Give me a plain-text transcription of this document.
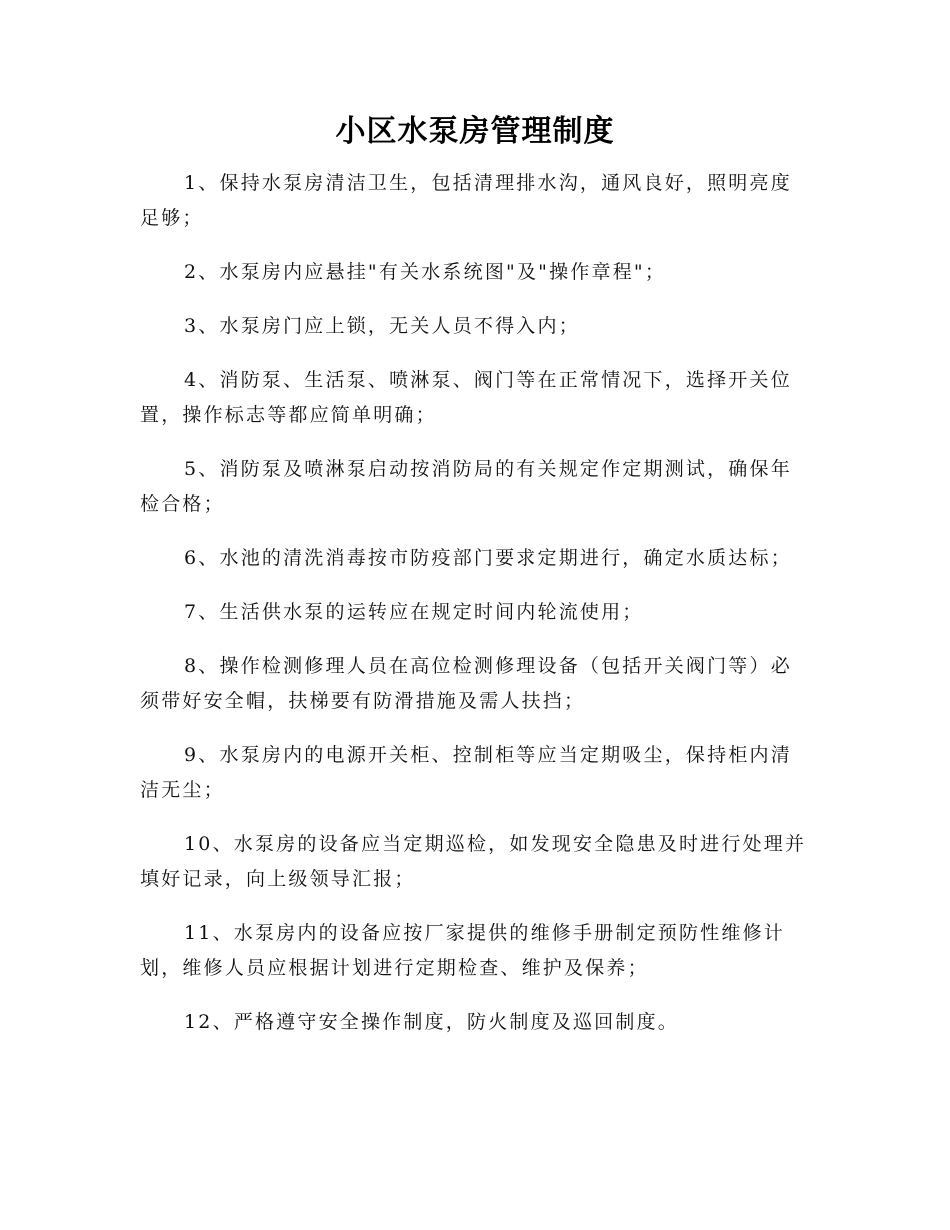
小区水泵房管理制度

1、保持水泵房清洁卫生，包括清理排水沟，通风良好，照明亮度足够；

2、水泵房内应悬挂"有关水系统图"及"操作章程"；

3、水泵房门应上锁，无关人员不得入内；

4、消防泵、生活泵、喷淋泵、阀门等在正常情况下，选择开关位置，操作标志等都应简单明确；

5、消防泵及喷淋泵启动按消防局的有关规定作定期测试，确保年检合格；

6、水池的清洗消毒按市防疫部门要求定期进行，确定水质达标；

7、生活供水泵的运转应在规定时间内轮流使用；

8、操作检测修理人员在高位检测修理设备（包括开关阀门等）必须带好安全帽，扶梯要有防滑措施及需人扶挡；

9、水泵房内的电源开关柜、控制柜等应当定期吸尘，保持柜内清洁无尘；

10、水泵房的设备应当定期巡检，如发现安全隐患及时进行处理并填好记录，向上级领导汇报；

11、水泵房内的设备应按厂家提供的维修手册制定预防性维修计划，维修人员应根据计划进行定期检查、维护及保养；

12、严格遵守安全操作制度，防火制度及巡回制度。
